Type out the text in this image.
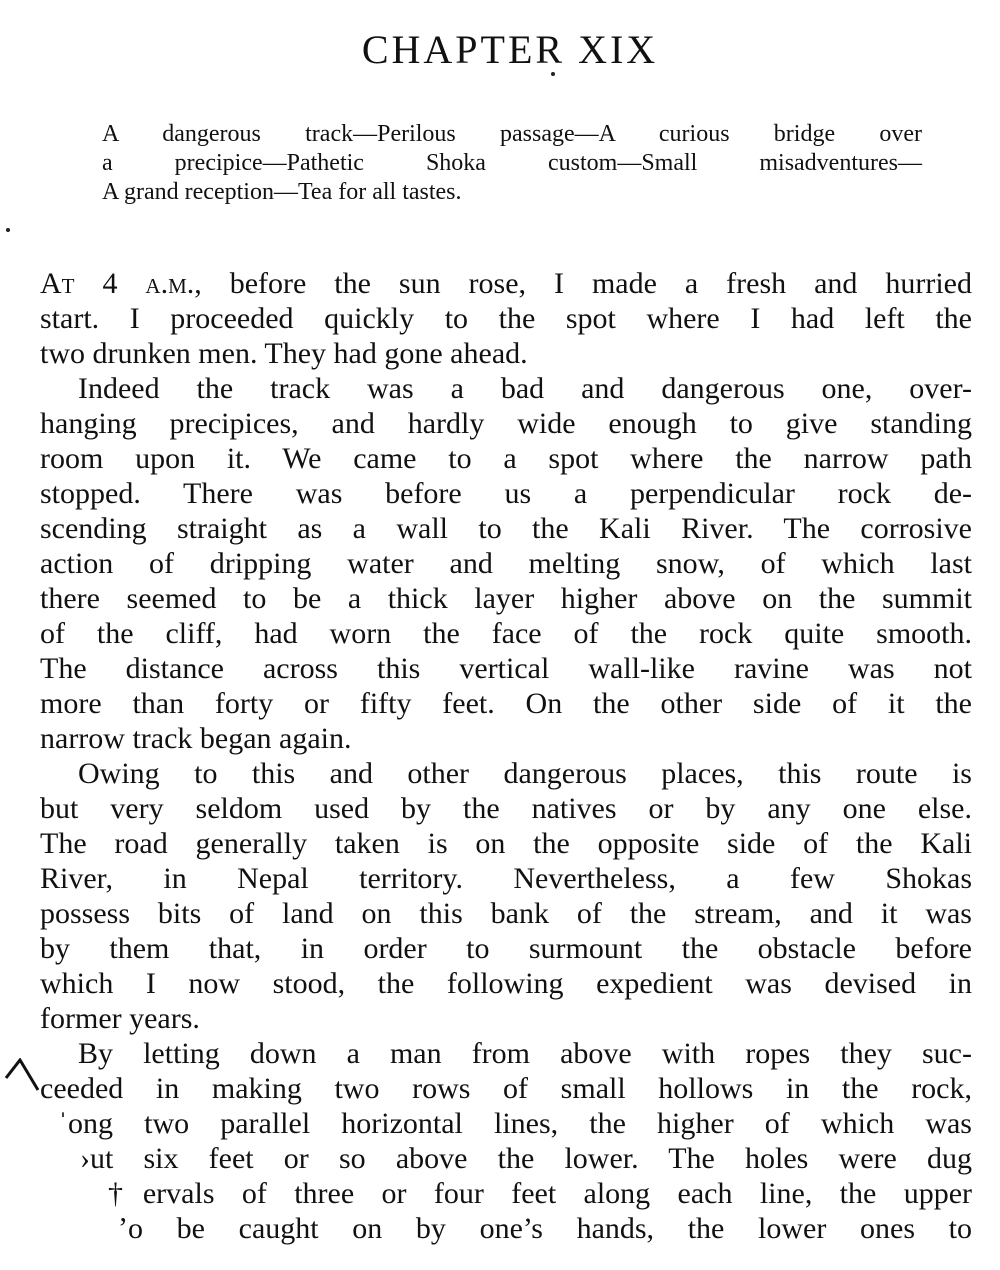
CHAPTER XIX
A dangerous track—Perilous passage—A curious bridge over
a precipice—Pathetic Shoka custom—Small misadventures—
A grand reception—Tea for all tastes.
At 4 a.m., before the sun rose, I made a fresh and hurried
start. I proceeded quickly to the spot where I had left the
two drunken men. They had gone ahead.
Indeed the track was a bad and dangerous one, over-
hanging precipices, and hardly wide enough to give standing
room upon it. We came to a spot where the narrow path
stopped. There was before us a perpendicular rock de-
scending straight as a wall to the Kali River. The corrosive
action of dripping water and melting snow, of which last
there seemed to be a thick layer higher above on the summit
of the cliff, had worn the face of the rock quite smooth.
The distance across this vertical wall-like ravine was not
more than forty or fifty feet. On the other side of it the
narrow track began again.
Owing to this and other dangerous places, this route is
but very seldom used by the natives or by any one else.
The road generally taken is on the opposite side of the Kali
River, in Nepal territory. Nevertheless, a few Shokas
possess bits of land on this bank of the stream, and it was
by them that, in order to surmount the obstacle before
which I now stood, the following expedient was devised in
former years.
By letting down a man from above with ropes they suc-
ceeded in making two rows of small hollows in the rock,
ˈong two parallel horizontal lines, the higher of which was
›ut six feet or so above the lower. The holes were dug
†ervals of three or four feet along each line, the upper
ʼo be caught on by one’s hands, the lower ones to
